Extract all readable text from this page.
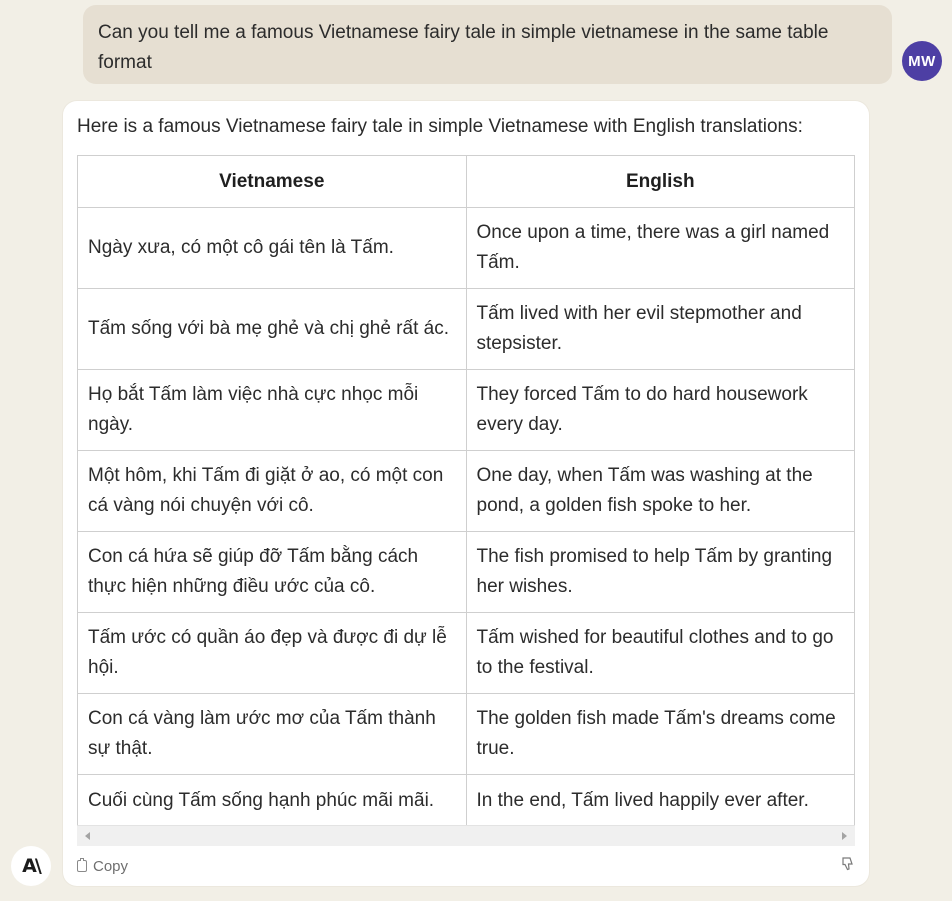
Can you tell me a famous Vietnamese fairy tale in simple vietnamese in the same table format	MW
Here is a famous Vietnamese fairy tale in simple Vietnamese with English translations:
Vietnamese	English
Ngày xưa, có một cô gái tên là Tấm.	Once upon a time, there was a girl named Tấm.
Tấm sống với bà mẹ ghẻ và chị ghẻ rất ác.	Tấm lived with her evil stepmother and stepsister.
Họ bắt Tấm làm việc nhà cực nhọc mỗi ngày.	They forced Tấm to do hard housework every day.
Một hôm, khi Tấm đi giặt ở ao, có một con cá vàng nói chuyện với cô.	One day, when Tấm was washing at the pond, a golden fish spoke to her.
Con cá hứa sẽ giúp đỡ Tấm bằng cách thực hiện những điều ước của cô.	The fish promised to help Tấm by granting her wishes.
Tấm ước có quần áo đẹp và được đi dự lễ hội.	Tấm wished for beautiful clothes and to go to the festival.
Con cá vàng làm ước mơ của Tấm thành sự thật.	The golden fish made Tấm's dreams come true.
Cuối cùng Tấm sống hạnh phúc mãi mãi.	In the end, Tấm lived happily ever after.
Copy
A\
